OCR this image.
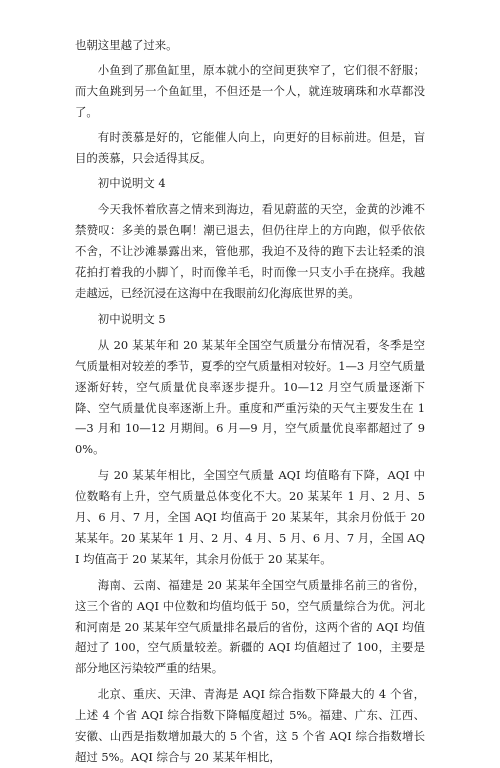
也朝这里越了过来。

小鱼到了那鱼缸里，原本就小的空间更狭窄了，它们很不舒服；而大鱼跳到另一个鱼缸里，不但还是一个人，就连玻璃珠和水草都没了。

有时羡慕是好的，它能催人向上，向更好的目标前进。但是，盲目的羡慕，只会适得其反。

初中说明文 4

今天我怀着欣喜之情来到海边，看见蔚蓝的天空，金黄的沙滩不禁赞叹：多美的景色啊！潮已退去，但仍往岸上的方向跑，似乎依依不舍，不让沙滩暴露出来，管他那，我迫不及待的跑下去让轻柔的浪花拍打着我的小脚丫，时而像羊毛，时而像一只支小手在挠痒。我越走越远，已经沉浸在这海中在我眼前幻化海底世界的美。

初中说明文 5

从 20 某某年和 20 某某年全国空气质量分布情况看，冬季是空气质量相对较差的季节，夏季的空气质量相对较好。1—3 月空气质量逐渐好转，空气质量优良率逐步提升。10—12 月空气质量逐渐下降、空气质量优良率逐渐上升。重度和严重污染的天气主要发生在 1—3 月和 10—12 月期间。6 月—9 月，空气质量优良率都超过了 90%。

与 20 某某年相比，全国空气质量 AQI 均值略有下降，AQI 中位数略有上升，空气质量总体变化不大。20 某某年 1 月、2 月、5 月、6 月、7 月，全国 AQI 均值高于 20 某某年，其余月份低于 20 某某年。20 某某年 1 月、2 月、4 月、5 月、6 月、7 月，全国 AQI 均值高于 20 某某年，其余月份低于 20 某某年。

海南、云南、福建是 20 某某年全国空气质量排名前三的省份，这三个省的 AQI 中位数和均值均低于 50，空气质量综合为优。河北和河南是 20 某某年空气质量排名最后的省份，这两个省的 AQI 均值超过了 100，空气质量较差。新疆的 AQI 均值超过了 100，主要是部分地区污染较严重的结果。

北京、重庆、天津、青海是 AQI 综合指数下降最大的 4 个省，上述 4 个省 AQI 综合指数下降幅度超过 5%。福建、广东、江西、安徽、山西是指数增加最大的 5 个省，这 5 个省 AQI 综合指数增长超过 5%。AQI 综合与 20 某某年相比，
